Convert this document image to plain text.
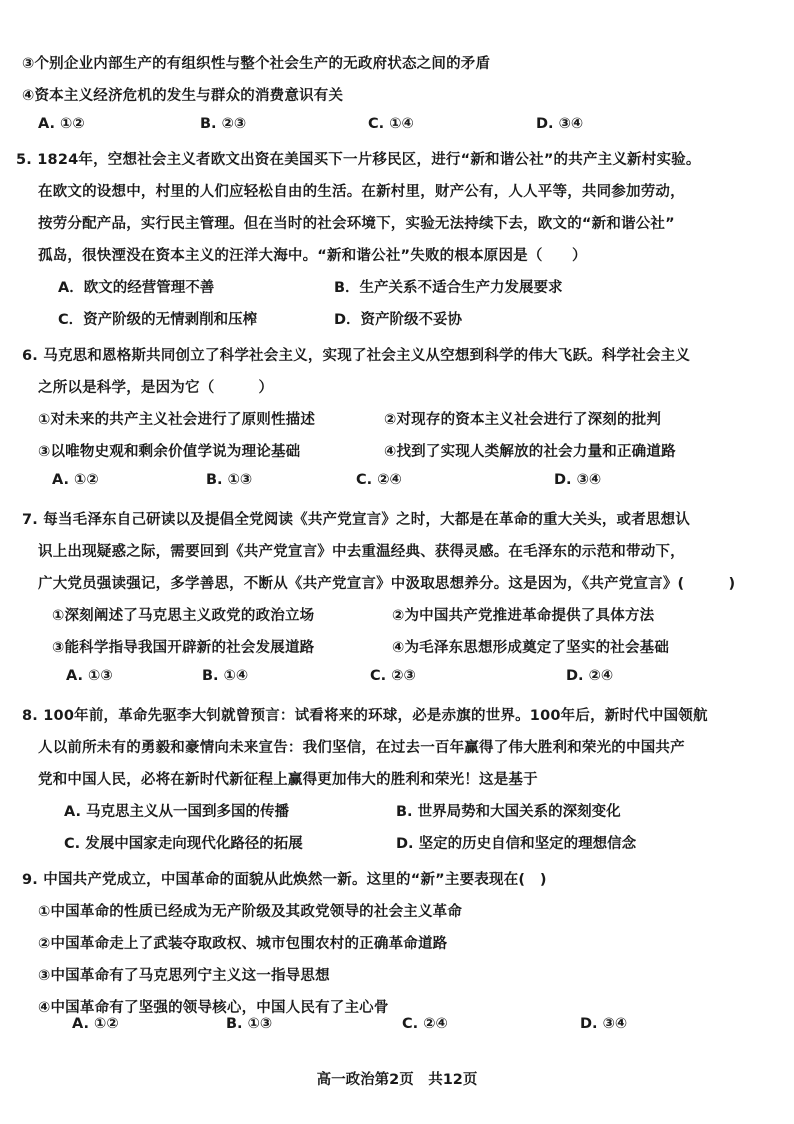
③个别企业内部生产的有组织性与整个社会生产的无政府状态之间的矛盾
④资本主义经济危机的发生与群众的消费意识有关
A. ①②	B. ②③	C. ①④	D. ③④
5. 1824年，空想社会主义者欧文出资在美国买下一片移民区，进行“新和谐公社”的共产主义新村实验。
在欧文的设想中，村里的人们应轻松自由的生活。在新村里，财产公有，人人平等，共同参加劳动，
按劳分配产品，实行民主管理。但在当时的社会环境下，实验无法持续下去，欧文的“新和谐公社”
孤岛，很快湮没在资本主义的汪洋大海中。“新和谐公社”失败的根本原因是（　　）
A．欧文的经营管理不善	B．生产关系不适合生产力发展要求
C．资产阶级的无情剥削和压榨	D．资产阶级不妥协
6. 马克思和恩格斯共同创立了科学社会主义，实现了社会主义从空想到科学的伟大飞跃。科学社会主义
之所以是科学，是因为它（　　　）
①对未来的共产主义社会进行了原则性描述	②对现存的资本主义社会进行了深刻的批判
③以唯物史观和剩余价值学说为理论基础	④找到了实现人类解放的社会力量和正确道路
A. ①②	B. ①③	C. ②④	D. ③④
7. 每当毛泽东自己研读以及提倡全党阅读《共产党宣言》之时，大都是在革命的重大关头，或者思想认
识上出现疑惑之际，需要回到《共产党宣言》中去重温经典、获得灵感。在毛泽东的示范和带动下，
广大党员强读强记，多学善思，不断从《共产党宣言》中汲取思想养分。这是因为，《共产党宣言》(　　　)
①深刻阐述了马克思主义政党的政治立场	②为中国共产党推进革命提供了具体方法
③能科学指导我国开辟新的社会发展道路	④为毛泽东思想形成奠定了坚实的社会基础
A. ①③	B. ①④	C. ②③	D. ②④
8. 100年前，革命先驱李大钊就曾预言：试看将来的环球，必是赤旗的世界。100年后，新时代中国领航
人以前所未有的勇毅和豪情向未来宣告：我们坚信，在过去一百年赢得了伟大胜利和荣光的中国共产
党和中国人民，必将在新时代新征程上赢得更加伟大的胜利和荣光！这是基于
A. 马克思主义从一国到多国的传播	B. 世界局势和大国关系的深刻变化
C. 发展中国家走向现代化路径的拓展	D. 坚定的历史自信和坚定的理想信念
9. 中国共产党成立，中国革命的面貌从此焕然一新。这里的“新”主要表现在(　)
①中国革命的性质已经成为无产阶级及其政党领导的社会主义革命
②中国革命走上了武装夺取政权、城市包围农村的正确革命道路
③中国革命有了马克思列宁主义这一指导思想
④中国革命有了坚强的领导核心，中国人民有了主心骨
A. ①②	B. ①③	C. ②④	D. ③④
高一政治第2页　共12页
